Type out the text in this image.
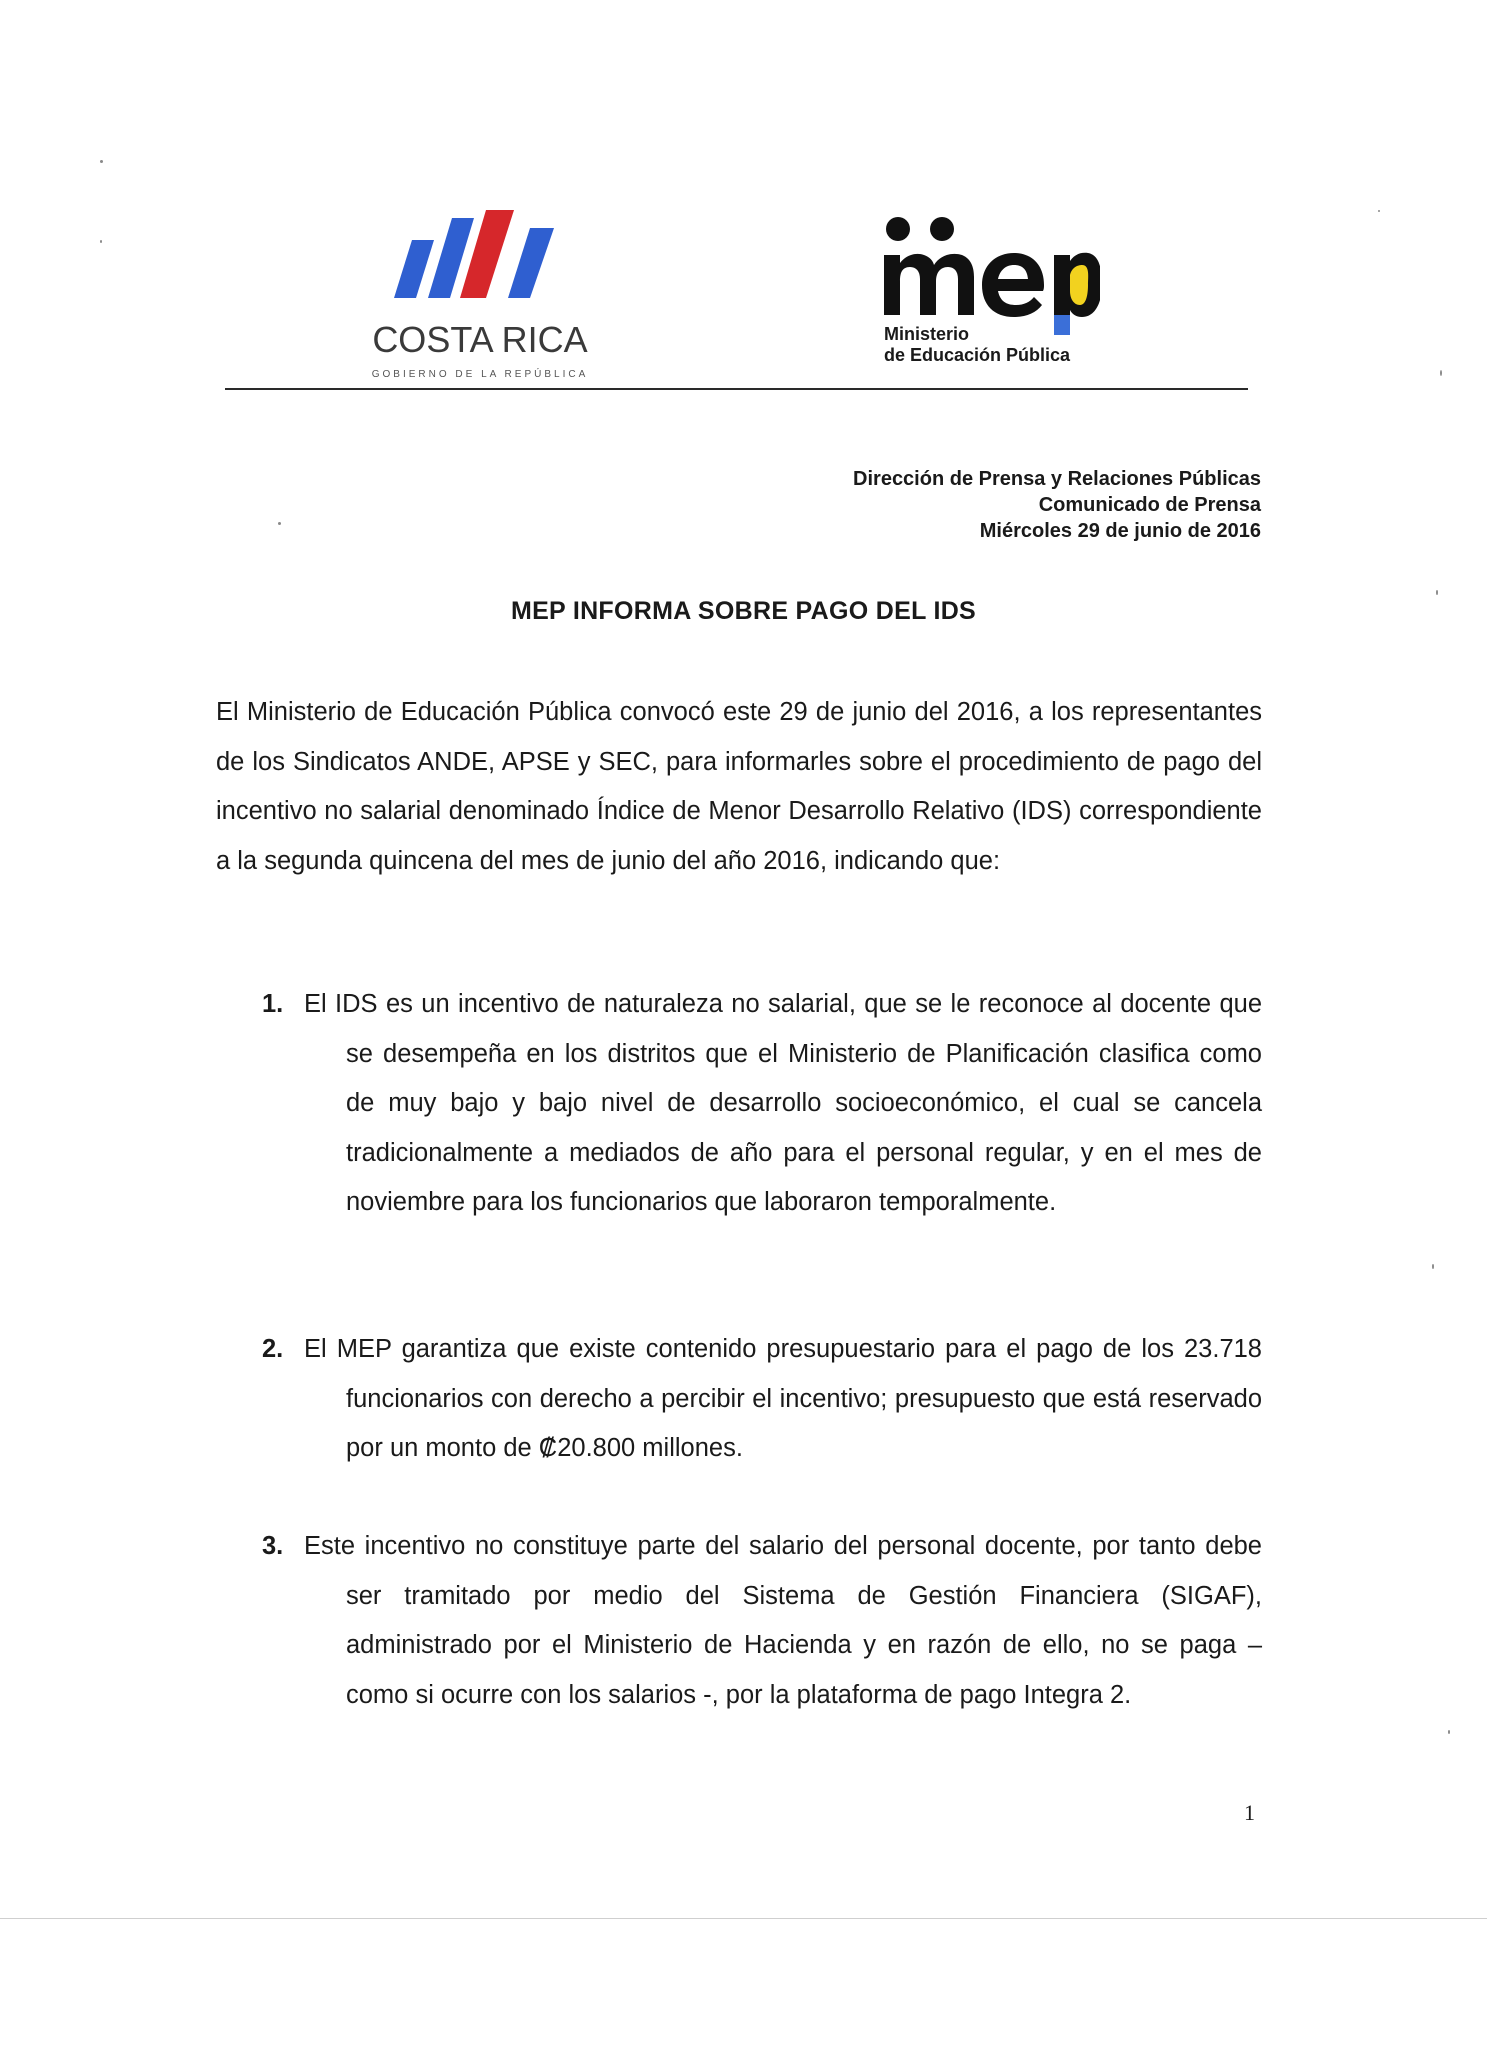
COSTA RICA
GOBIERNO DE LA REPÚBLICA
Ministerio
de Educación Pública
Dirección de Prensa y Relaciones Públicas
Comunicado de Prensa
Miércoles 29 de junio de 2016
MEP INFORMA SOBRE PAGO DEL IDS
El Ministerio de Educación Pública convocó este 29 de junio del 2016, a los representantes de los Sindicatos ANDE, APSE y SEC, para informarles sobre el procedimiento de pago del incentivo no salarial denominado Índice de Menor Desarrollo Relativo (IDS) correspondiente a la segunda quincena del mes de junio del año 2016, indicando que:
1. El IDS es un incentivo de naturaleza no salarial, que se le reconoce al docente que se desempeña en los distritos que el Ministerio de Planificación clasifica como de muy bajo y bajo nivel de desarrollo socioeconómico, el cual se cancela tradicionalmente a mediados de año para el personal regular, y en el mes de noviembre para los funcionarios que laboraron temporalmente.
2. El MEP garantiza que existe contenido presupuestario para el pago de los 23.718 funcionarios con derecho a percibir el incentivo; presupuesto que está reservado por un monto de ₡20.800 millones.
3. Este incentivo no constituye parte del salario del personal docente, por tanto debe ser tramitado por medio del Sistema de Gestión Financiera (SIGAF), administrado por el Ministerio de Hacienda y en razón de ello, no se paga – como si ocurre con los salarios -, por la plataforma de pago Integra 2.
1
